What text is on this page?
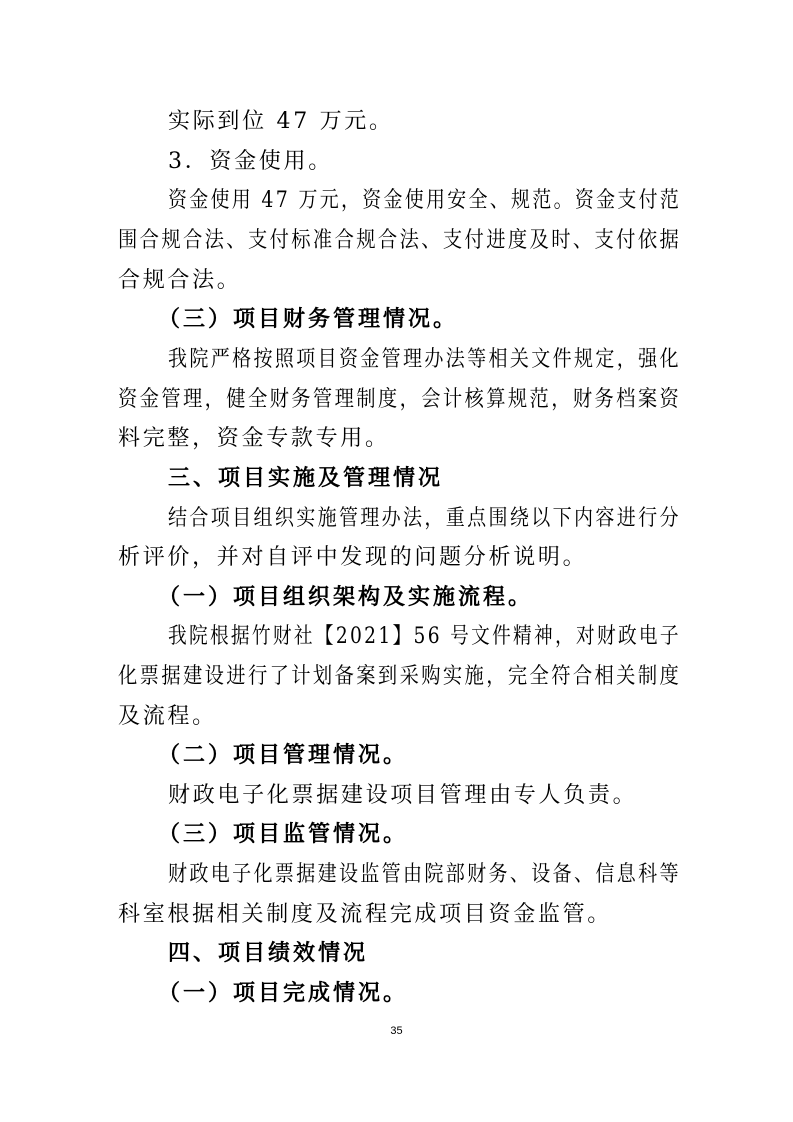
实际到位 47 万元。
3．资金使用。
资金使用 47 万元，资金使用安全、规范。资金支付范
围合规合法、支付标准合规合法、支付进度及时、支付依据
合规合法。
（三）项目财务管理情况。
我院严格按照项目资金管理办法等相关文件规定，强化
资金管理，健全财务管理制度，会计核算规范，财务档案资
料完整，资金专款专用。
三、项目实施及管理情况
结合项目组织实施管理办法，重点围绕以下内容进行分
析评价，并对自评中发现的问题分析说明。
（一）项目组织架构及实施流程。
我院根据竹财社【2021】56 号文件精神，对财政电子
化票据建设进行了计划备案到采购实施，完全符合相关制度
及流程。
（二）项目管理情况。
财政电子化票据建设项目管理由专人负责。
（三）项目监管情况。
财政电子化票据建设监管由院部财务、设备、信息科等
科室根据相关制度及流程完成项目资金监管。
四、项目绩效情况
（一）项目完成情况。
35
